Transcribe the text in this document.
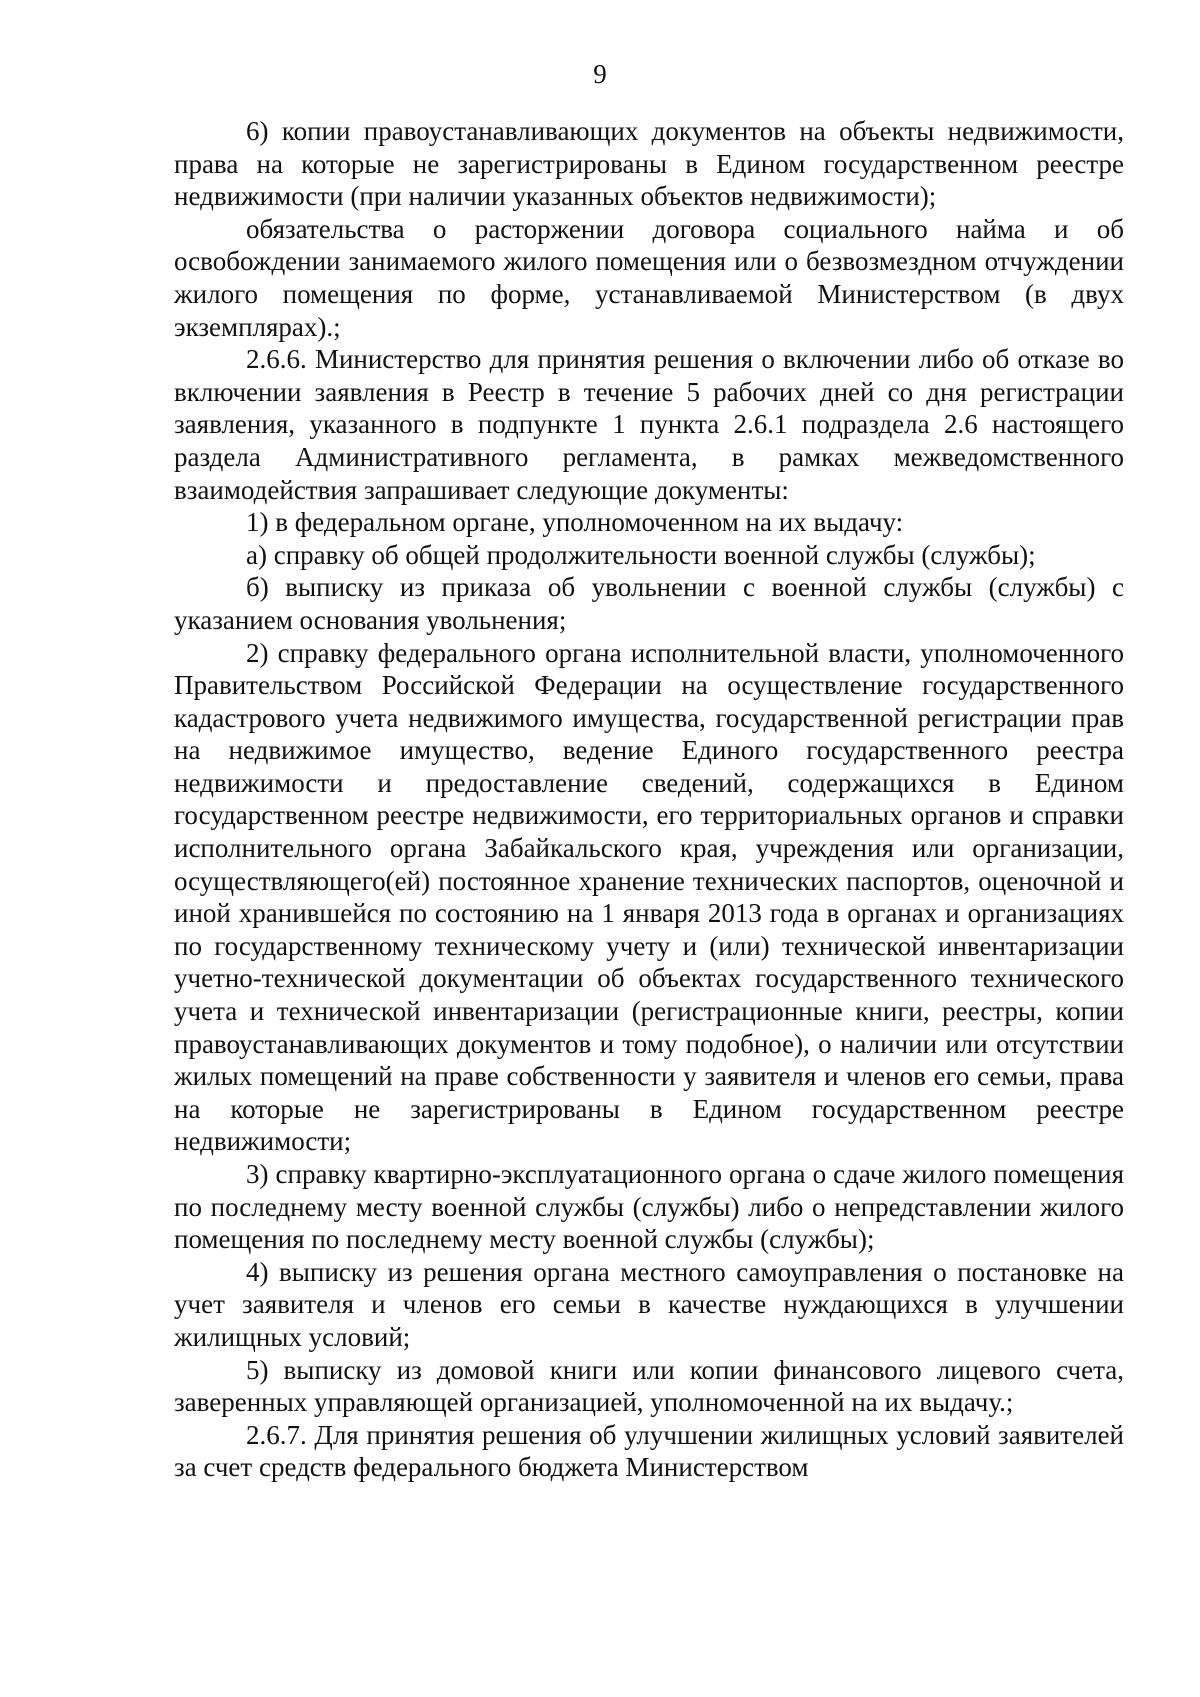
9

6) копии правоустанавливающих документов на объекты недвижимости, права на которые не зарегистрированы в Едином государственном реестре недвижимости (при наличии указанных объектов недвижимости);

обязательства о расторжении договора социального найма и об освобождении занимаемого жилого помещения или о безвозмездном отчуждении жилого помещения по форме, устанавливаемой Министерством (в двух экземплярах).;

2.6.6. Министерство для принятия решения о включении либо об отказе во включении заявления в Реестр в течение 5 рабочих дней со дня регистрации заявления, указанного в подпункте 1 пункта 2.6.1 подраздела 2.6 настоящего раздела Административного регламента, в рамках межведомственного взаимодействия запрашивает следующие документы:

1) в федеральном органе, уполномоченном на их выдачу:

а) справку об общей продолжительности военной службы (службы);

б) выписку из приказа об увольнении с военной службы (службы) с указанием основания увольнения;

2) справку федерального органа исполнительной власти, уполномоченного Правительством Российской Федерации на осуществление государственного кадастрового учета недвижимого имущества, государственной регистрации прав на недвижимое имущество, ведение Единого государственного реестра недвижимости и предоставление сведений, содержащихся в Едином государственном реестре недвижимости, его территориальных органов и справки исполнительного органа Забайкальского края, учреждения или организации, осуществляющего(ей) постоянное хранение технических паспортов, оценочной и иной хранившейся по состоянию на 1 января 2013 года в органах и организациях по государственному техническому учету и (или) технической инвентаризации учетно-технической документации об объектах государственного технического учета и технической инвентаризации (регистрационные книги, реестры, копии правоустанавливающих документов и тому подобное), о наличии или отсутствии жилых помещений на праве собственности у заявителя и членов его семьи, права на которые не зарегистрированы в Едином государственном реестре недвижимости;

3) справку квартирно-эксплуатационного органа о сдаче жилого помещения по последнему месту военной службы (службы) либо о непредставлении жилого помещения по последнему месту военной службы (службы);

4) выписку из решения органа местного самоуправления о постановке на учет заявителя и членов его семьи в качестве нуждающихся в улучшении жилищных условий;

5) выписку из домовой книги или копии финансового лицевого счета, заверенных управляющей организацией, уполномоченной на их выдачу.;

2.6.7. Для принятия решения об улучшении жилищных условий заявителей за счет средств федерального бюджета Министерством
